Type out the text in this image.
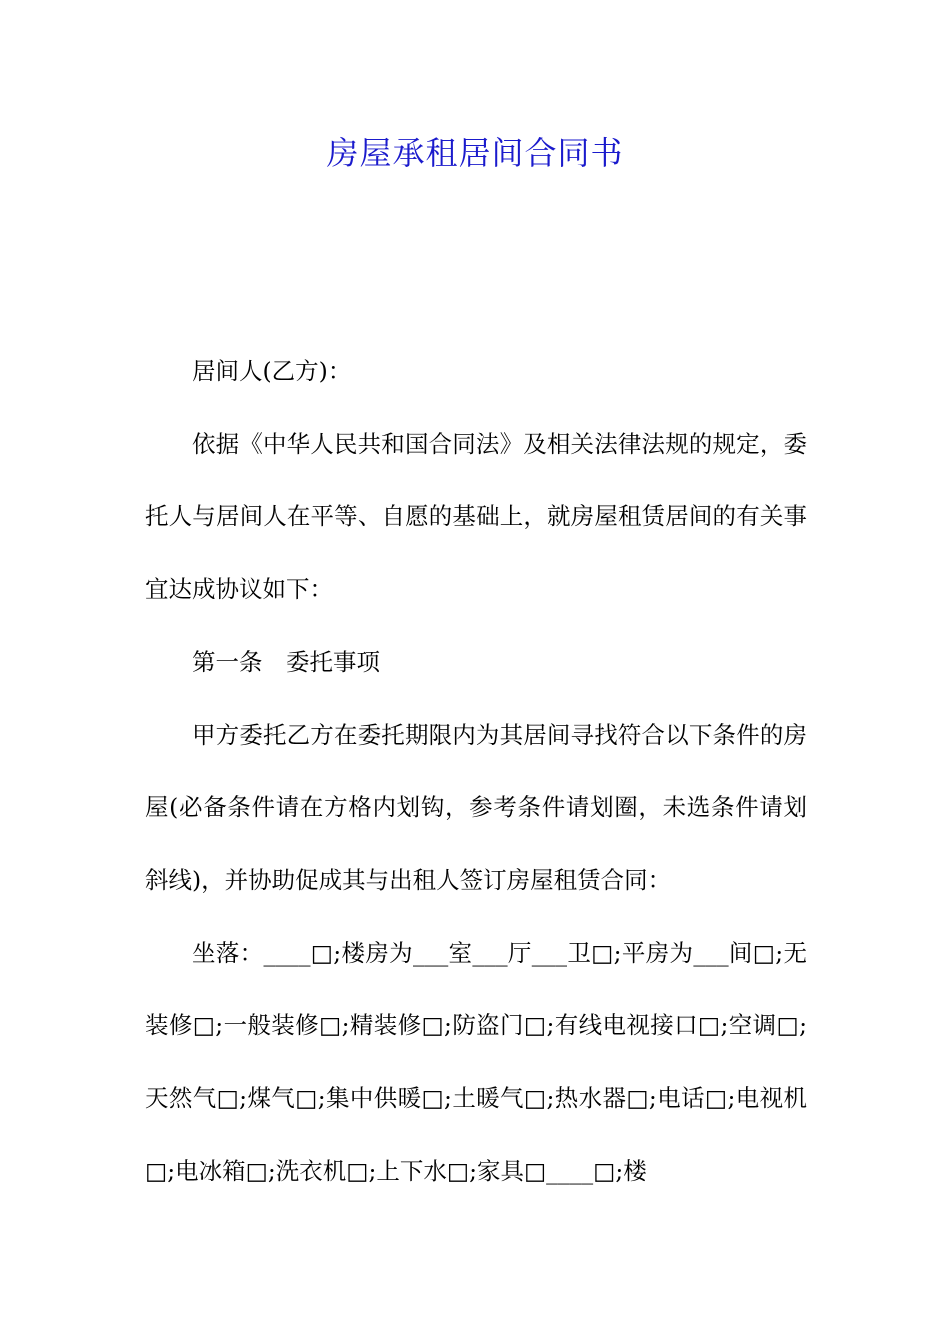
房屋承租居间合同书

居间人(乙方)：

依据《中华人民共和国合同法》及相关法律法规的规定，委托人与居间人在平等、自愿的基础上，就房屋租赁居间的有关事宜达成协议如下：

第一条　委托事项

甲方委托乙方在委托期限内为其居间寻找符合以下条件的房屋(必备条件请在方格内划钩，参考条件请划圈，未选条件请划斜线)，并协助促成其与出租人签订房屋租赁合同：

坐落：____□;楼房为___室___厅___卫□;平房为___间□;无装修□;一般装修□;精装修□;防盗门□;有线电视接口□;空调□;天然气□;煤气□;集中供暖□;土暖气□;热水器□;电话□;电视机□;电冰箱□;洗衣机□;上下水□;家具□____□;楼
